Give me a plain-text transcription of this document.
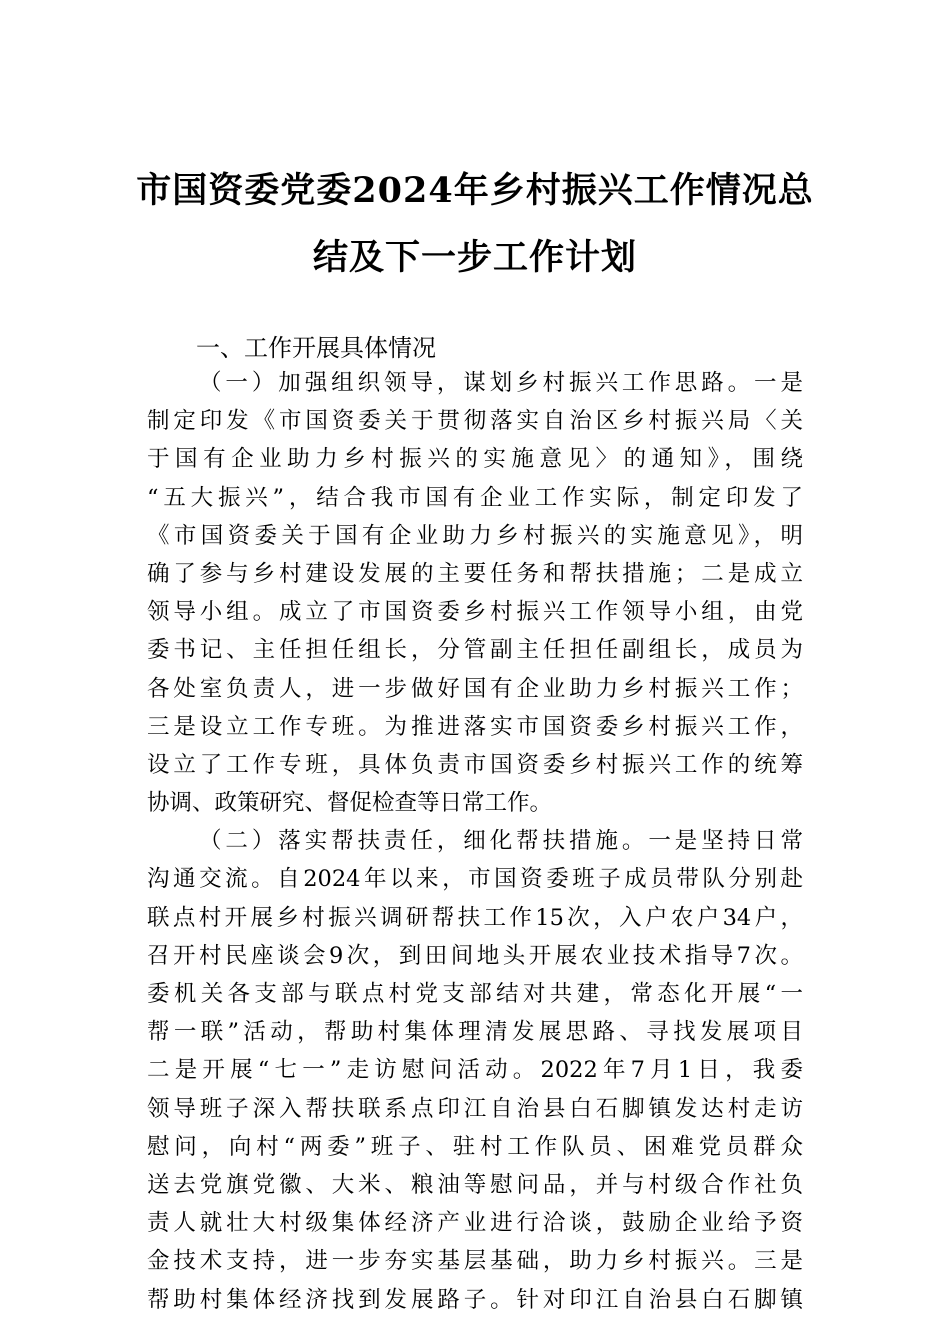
市国资委党委2024年乡村振兴工作情况总
结及下一步工作计划
一、工作开展具体情况
（一）加强组织领导，谋划乡村振兴工作思路。一是
制定印发《市国资委关于贯彻落实自治区乡村振兴局〈关
于国有企业助力乡村振兴的实施意见〉的通知》，围绕
“五大振兴”，结合我市国有企业工作实际，制定印发了
《市国资委关于国有企业助力乡村振兴的实施意见》，明
确了参与乡村建设发展的主要任务和帮扶措施；二是成立
领导小组。成立了市国资委乡村振兴工作领导小组，由党
委书记、主任担任组长，分管副主任担任副组长，成员为
各处室负责人，进一步做好国有企业助力乡村振兴工作；
三是设立工作专班。为推进落实市国资委乡村振兴工作，
设立了工作专班，具体负责市国资委乡村振兴工作的统筹
协调、政策研究、督促检查等日常工作。
（二）落实帮扶责任，细化帮扶措施。一是坚持日常
沟通交流。自2024年以来，市国资委班子成员带队分别赴
联点村开展乡村振兴调研帮扶工作15次，入户农户34户，
召开村民座谈会9次，到田间地头开展农业技术指导7次。
委机关各支部与联点村党支部结对共建，常态化开展“一
帮一联”活动，帮助村集体理清发展思路、寻找发展项目
二是开展“七一”走访慰问活动。2022年7月1日，我委
领导班子深入帮扶联系点印江自治县白石脚镇发达村走访
慰问，向村“两委”班子、驻村工作队员、困难党员群众
送去党旗党徽、大米、粮油等慰问品，并与村级合作社负
责人就壮大村级集体经济产业进行洽谈，鼓励企业给予资
金技术支持，进一步夯实基层基础，助力乡村振兴。三是
帮助村集体经济找到发展路子。针对印江自治县白石脚镇
